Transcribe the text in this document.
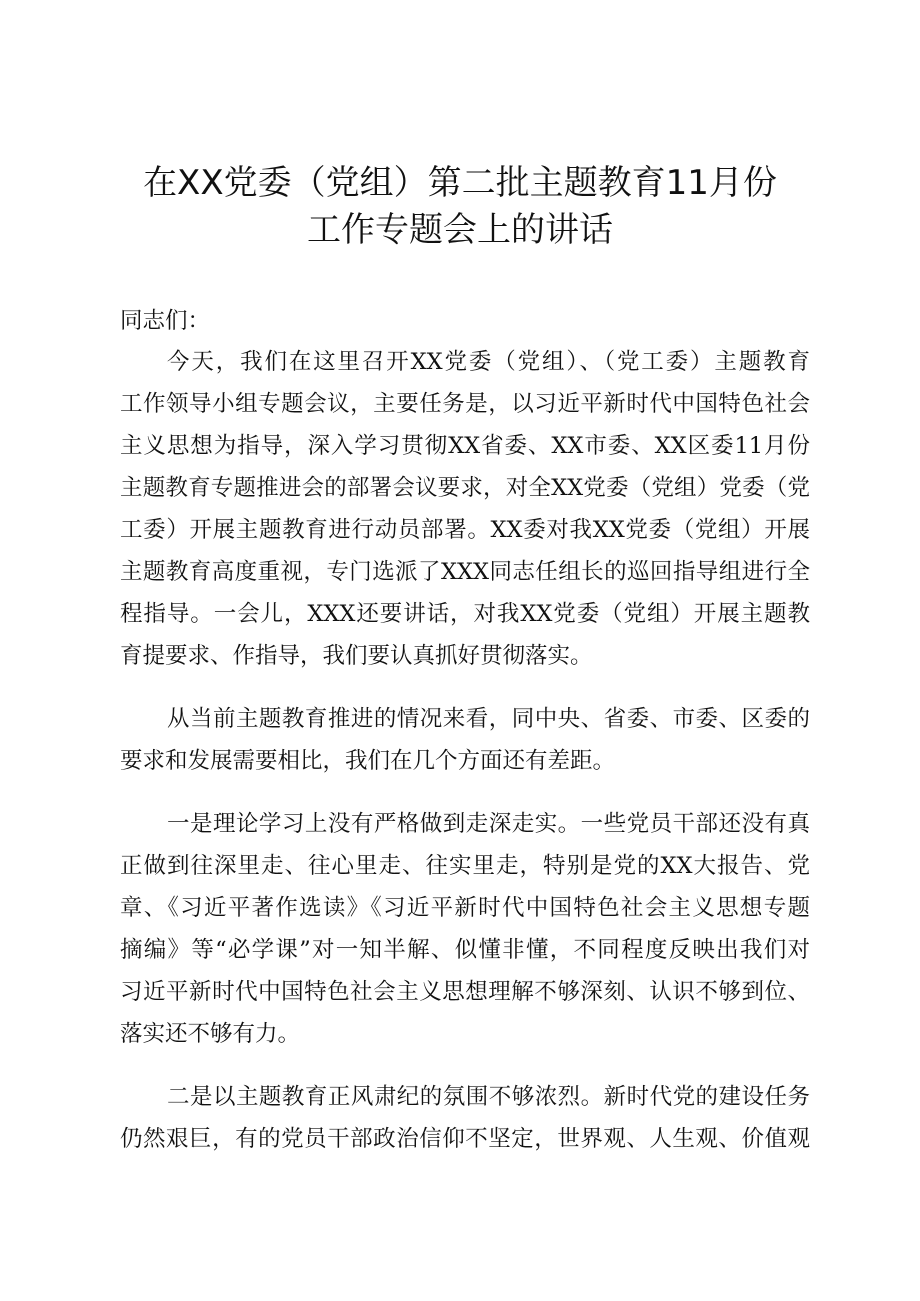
在XX党委（党组）第二批主题教育11月份
工作专题会上的讲话
同志们：
今天，我们在这里召开XX党委（党组）、（党工委）主题教育
工作领导小组专题会议，主要任务是，以习近平新时代中国特色社会
主义思想为指导，深入学习贯彻XX省委、XX市委、XX区委11月份
主题教育专题推进会的部署会议要求，对全XX党委（党组）党委（党
工委）开展主题教育进行动员部署。XX委对我XX党委（党组）开展
主题教育高度重视，专门选派了XXX同志任组长的巡回指导组进行全
程指导。一会儿，XXX还要讲话，对我XX党委（党组）开展主题教
育提要求、作指导，我们要认真抓好贯彻落实。
从当前主题教育推进的情况来看，同中央、省委、市委、区委的
要求和发展需要相比，我们在几个方面还有差距。
一是理论学习上没有严格做到走深走实。一些党员干部还没有真
正做到往深里走、往心里走、往实里走，特别是党的XX大报告、党
章、《习近平著作选读》《习近平新时代中国特色社会主义思想专题
摘编》等“必学课”对一知半解、似懂非懂，不同程度反映出我们对
习近平新时代中国特色社会主义思想理解不够深刻、认识不够到位、
落实还不够有力。
二是以主题教育正风肃纪的氛围不够浓烈。新时代党的建设任务
仍然艰巨，有的党员干部政治信仰不坚定，世界观、人生观、价值观
